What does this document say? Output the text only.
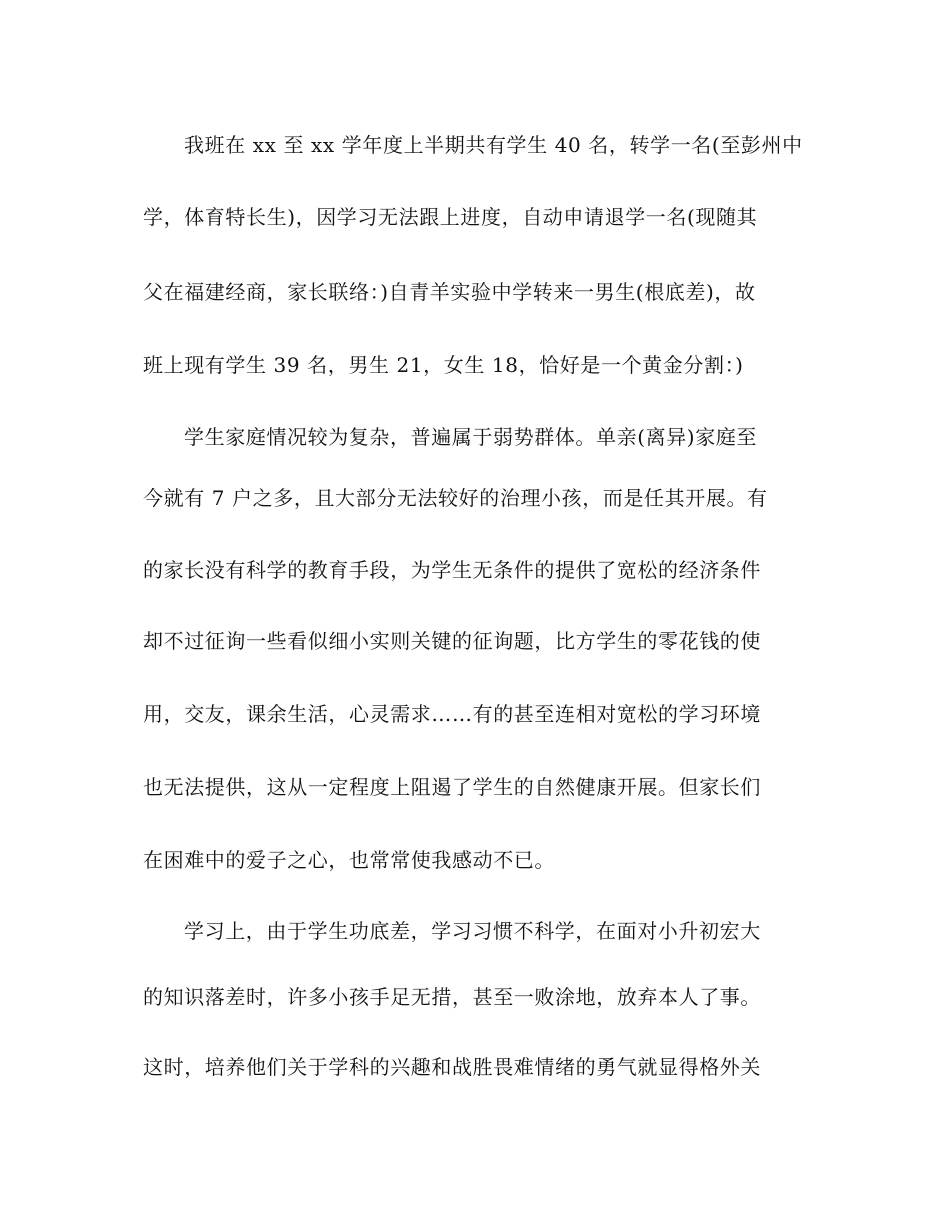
我班在 xx 至 xx 学年度上半期共有学生 40 名，转学一名(至彭州中
学，体育特长生)，因学习无法跟上进度，自动申请退学一名(现随其
父在福建经商，家长联络：)自青羊实验中学转来一男生(根底差)，故
班上现有学生 39 名，男生 21，女生 18，恰好是一个黄金分割：)
学生家庭情况较为复杂，普遍属于弱势群体。单亲(离异)家庭至
今就有 7 户之多，且大部分无法较好的治理小孩，而是任其开展。有
的家长没有科学的教育手段，为学生无条件的提供了宽松的经济条件
却不过征询一些看似细小实则关键的征询题，比方学生的零花钱的使
用，交友，课余生活，心灵需求……有的甚至连相对宽松的学习环境
也无法提供，这从一定程度上阻遏了学生的自然健康开展。但家长们
在困难中的爱子之心，也常常使我感动不已。
学习上，由于学生功底差，学习习惯不科学，在面对小升初宏大
的知识落差时，许多小孩手足无措，甚至一败涂地，放弃本人了事。
这时，培养他们关于学科的兴趣和战胜畏难情绪的勇气就显得格外关
